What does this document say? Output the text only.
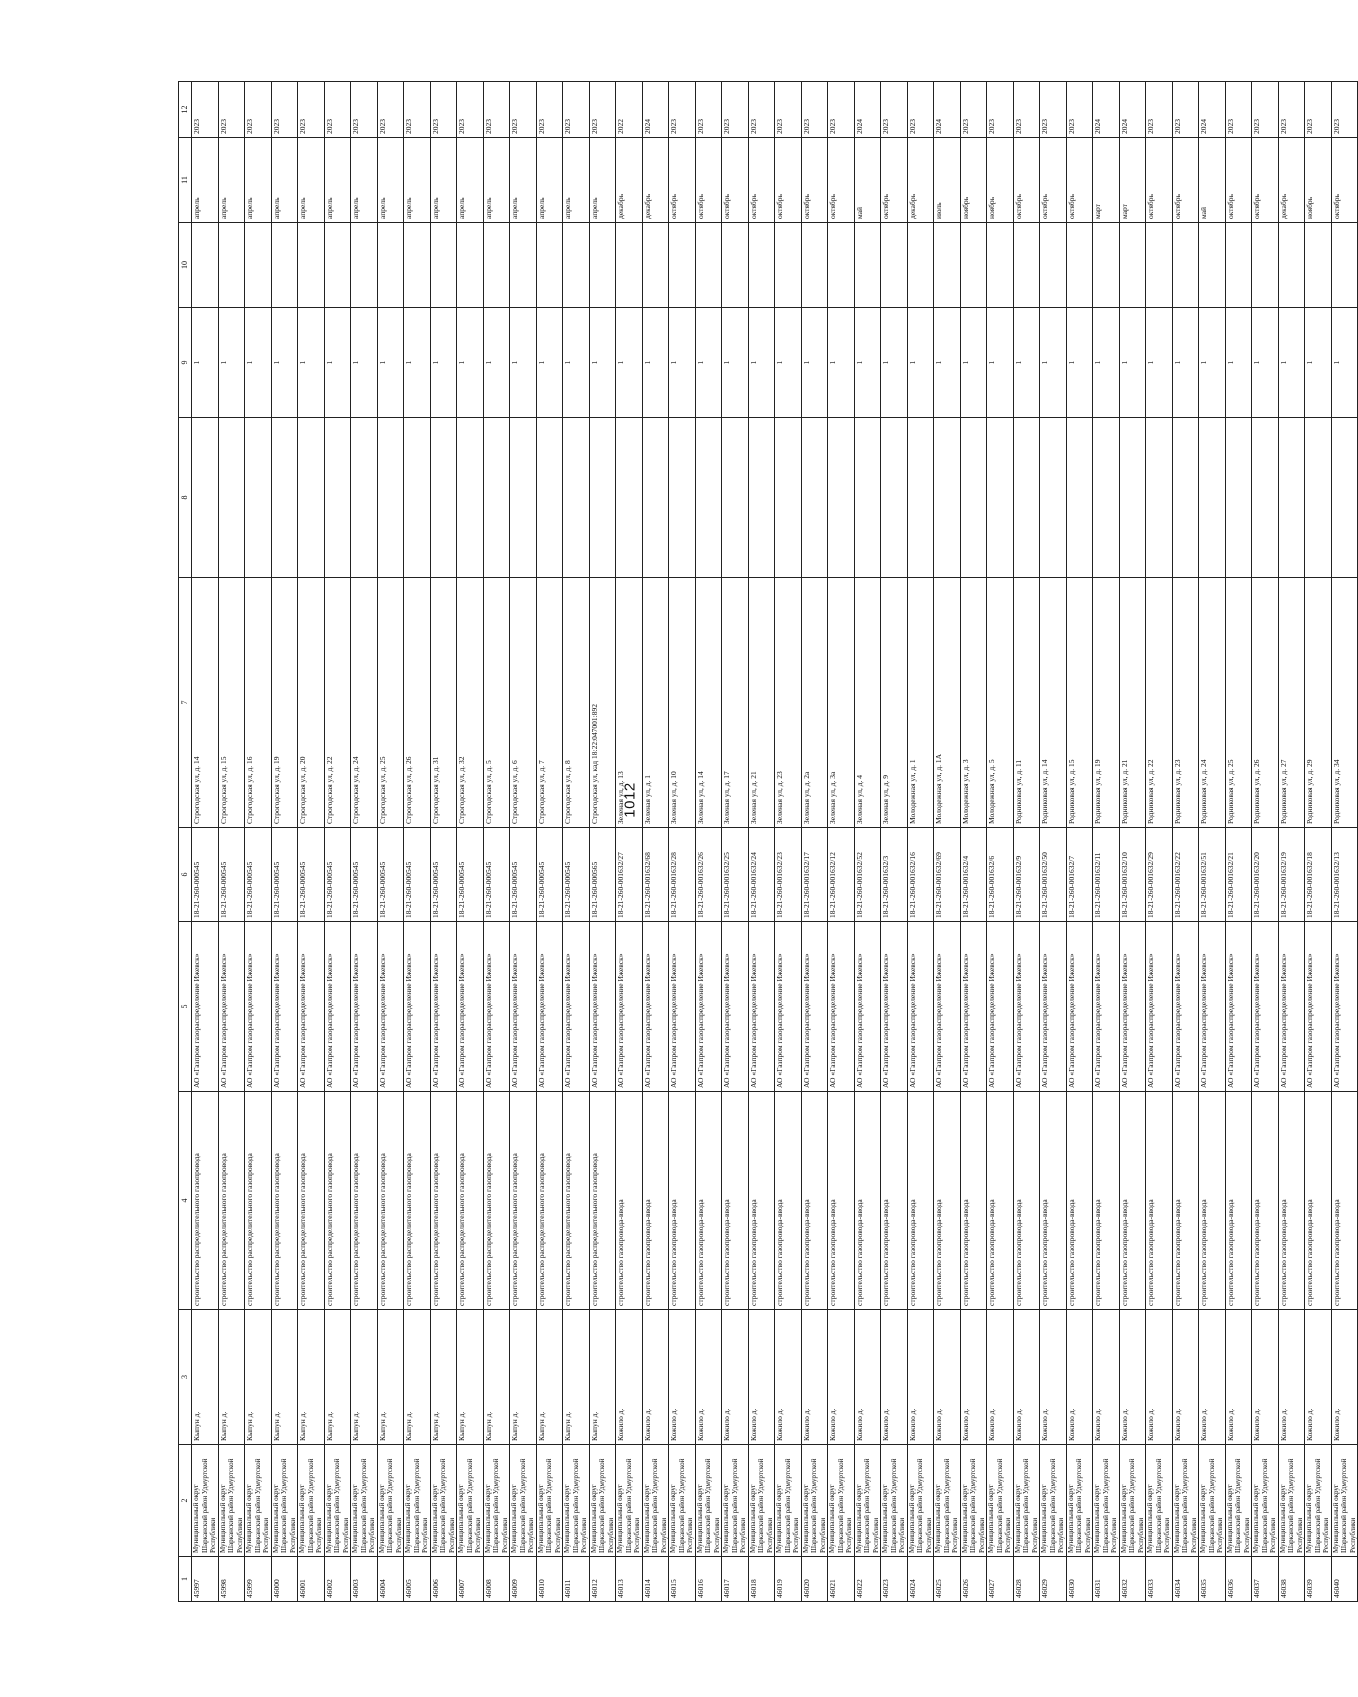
1012
1	2	3	4	5	6	7	8	9	10	11	12
45997	Муниципальный округ Шарканский район Удмуртской Республики	Кыпун д.	строительство распределительного газопровода	АО «Газпром газораспределение Ижевск»	18-21-260-000545	Строгодская ул, д. 14		1		апрель	2023
45998	Муниципальный округ Шарканский район Удмуртской Республики	Кыпун д.	строительство распределительного газопровода	АО «Газпром газораспределение Ижевск»	18-21-260-000545	Строгодская ул, д. 15		1		апрель	2023
45999	Муниципальный округ Шарканский район Удмуртской Республики	Кыпун д.	строительство распределительного газопровода	АО «Газпром газораспределение Ижевск»	18-21-260-000545	Строгодская ул, д. 16		1		апрель	2023
46000	Муниципальный округ Шарканский район Удмуртской Республики	Кыпун д.	строительство распределительного газопровода	АО «Газпром газораспределение Ижевск»	18-21-260-000545	Строгодская ул, д. 19		1		апрель	2023
46001	Муниципальный округ Шарканский район Удмуртской Республики	Кыпун д.	строительство распределительного газопровода	АО «Газпром газораспределение Ижевск»	18-21-260-000545	Строгодская ул, д. 20		1		апрель	2023
46002	Муниципальный округ Шарканский район Удмуртской Республики	Кыпун д.	строительство распределительного газопровода	АО «Газпром газораспределение Ижевск»	18-21-260-000545	Строгодская ул, д. 22		1		апрель	2023
46003	Муниципальный округ Шарканский район Удмуртской Республики	Кыпун д.	строительство распределительного газопровода	АО «Газпром газораспределение Ижевск»	18-21-260-000545	Строгодская ул, д. 24		1		апрель	2023
46004	Муниципальный округ Шарканский район Удмуртской Республики	Кыпун д.	строительство распределительного газопровода	АО «Газпром газораспределение Ижевск»	18-21-260-000545	Строгодская ул, д. 25		1		апрель	2023
46005	Муниципальный округ Шарканский район Удмуртской Республики	Кыпун д.	строительство распределительного газопровода	АО «Газпром газораспределение Ижевск»	18-21-260-000545	Строгодская ул, д. 26		1		апрель	2023
46006	Муниципальный округ Шарканский район Удмуртской Республики	Кыпун д.	строительство распределительного газопровода	АО «Газпром газораспределение Ижевск»	18-21-260-000545	Строгодская ул, д. 31		1		апрель	2023
46007	Муниципальный округ Шарканский район Удмуртской Республики	Кыпун д.	строительство распределительного газопровода	АО «Газпром газораспределение Ижевск»	18-21-260-000545	Строгодская ул, д. 32		1		апрель	2023
46008	Муниципальный округ Шарканский район Удмуртской Республики	Кыпун д.	строительство распределительного газопровода	АО «Газпром газораспределение Ижевск»	18-21-260-000545	Строгодская ул, д. 5		1		апрель	2023
46009	Муниципальный округ Шарканский район Удмуртской Республики	Кыпун д.	строительство распределительного газопровода	АО «Газпром газораспределение Ижевск»	18-21-260-000545	Строгодская ул, д. 6		1		апрель	2023
46010	Муниципальный округ Шарканский район Удмуртской Республики	Кыпун д.	строительство распределительного газопровода	АО «Газпром газораспределение Ижевск»	18-21-260-000545	Строгодская ул, д. 7		1		апрель	2023
46011	Муниципальный округ Шарканский район Удмуртской Республики	Кыпун д.	строительство распределительного газопровода	АО «Газпром газораспределение Ижевск»	18-21-260-000545	Строгодская ул, д. 8		1		апрель	2023
46012	Муниципальный округ Шарканский район Удмуртской Республики	Кыпун д.	строительство распределительного газопровода	АО «Газпром газораспределение Ижевск»	18-21-260-000565	Строгодская ул, кад 18:22:047001:892		1		апрель	2023
46013	Муниципальный округ Шарканский район Удмуртской Республики	Кожило д.	строительство газопровода-ввода	АО «Газпром газораспределение Ижевск»	18-21-260-001632/27	Зеленая ул, д. 13		1		декабрь	2022
46014	Муниципальный округ Шарканский район Удмуртской Республики	Кожило д.	строительство газопровода-ввода	АО «Газпром газораспределение Ижевск»	18-21-260-001632/68	Зеленая ул, д. 1		1		декабрь	2024
46015	Муниципальный округ Шарканский район Удмуртской Республики	Кожило д.	строительство газопровода-ввода	АО «Газпром газораспределение Ижевск»	18-21-260-001632/28	Зеленая ул, д. 10		1		октябрь	2023
46016	Муниципальный округ Шарканский район Удмуртской Республики	Кожило д.	строительство газопровода-ввода	АО «Газпром газораспределение Ижевск»	18-21-260-001632/26	Зеленая ул, д. 14		1		октябрь	2023
46017	Муниципальный округ Шарканский район Удмуртской Республики	Кожило д.	строительство газопровода-ввода	АО «Газпром газораспределение Ижевск»	18-21-260-001632/25	Зеленая ул, д. 17		1		октябрь	2023
46018	Муниципальный округ Шарканский район Удмуртской Республики	Кожило д.	строительство газопровода-ввода	АО «Газпром газораспределение Ижевск»	18-21-260-001632/24	Зеленая ул, д. 21		1		октябрь	2023
46019	Муниципальный округ Шарканский район Удмуртской Республики	Кожило д.	строительство газопровода-ввода	АО «Газпром газораспределение Ижевск»	18-21-260-001632/23	Зеленая ул, д. 23		1		октябрь	2023
46020	Муниципальный округ Шарканский район Удмуртской Республики	Кожило д.	строительство газопровода-ввода	АО «Газпром газораспределение Ижевск»	18-21-260-001632/17	Зеленая ул, д. 2а		1		октябрь	2023
46021	Муниципальный округ Шарканский район Удмуртской Республики	Кожило д.	строительство газопровода-ввода	АО «Газпром газораспределение Ижевск»	18-21-260-001632/12	Зеленая ул, д. 3а		1		октябрь	2023
46022	Муниципальный округ Шарканский район Удмуртской Республики	Кожило д.	строительство газопровода-ввода	АО «Газпром газораспределение Ижевск»	18-21-260-001632/52	Зеленая ул, д. 4		1		май	2024
46023	Муниципальный округ Шарканский район Удмуртской Республики	Кожило д.	строительство газопровода-ввода	АО «Газпром газораспределение Ижевск»	18-21-260-001632/3	Зеленая ул, д. 9		1		октябрь	2023
46024	Муниципальный округ Шарканский район Удмуртской Республики	Кожило д.	строительство газопровода-ввода	АО «Газпром газораспределение Ижевск»	18-21-260-001632/16	Молодежная ул, д. 1		1		декабрь	2023
46025	Муниципальный округ Шарканский район Удмуртской Республики	Кожило д.	строительство газопровода-ввода	АО «Газпром газораспределение Ижевск»	18-21-260-001632/69	Молодежная ул, д. 1А		1		июль	2024
46026	Муниципальный округ Шарканский район Удмуртской Республики	Кожило д.	строительство газопровода-ввода	АО «Газпром газораспределение Ижевск»	18-21-260-001632/4	Молодежная ул, д. 3		1		ноябрь	2023
46027	Муниципальный округ Шарканский район Удмуртской Республики	Кожило д.	строительство газопровода-ввода	АО «Газпром газораспределение Ижевск»	18-21-260-001632/6	Молодежная ул, д. 5		1		ноябрь	2023
46028	Муниципальный округ Шарканский район Удмуртской Республики	Кожило д.	строительство газопровода-ввода	АО «Газпром газораспределение Ижевск»	18-21-260-001632/9	Родниковая ул, д. 11		1		октябрь	2023
46029	Муниципальный округ Шарканский район Удмуртской Республики	Кожило д.	строительство газопровода-ввода	АО «Газпром газораспределение Ижевск»	18-21-260-001632/50	Родниковая ул, д. 14		1		октябрь	2023
46030	Муниципальный округ Шарканский район Удмуртской Республики	Кожило д.	строительство газопровода-ввода	АО «Газпром газораспределение Ижевск»	18-21-260-001632/7	Родниковая ул, д. 15		1		октябрь	2023
46031	Муниципальный округ Шарканский район Удмуртской Республики	Кожило д.	строительство газопровода-ввода	АО «Газпром газораспределение Ижевск»	18-21-260-001632/11	Родниковая ул, д. 19		1		март	2024
46032	Муниципальный округ Шарканский район Удмуртской Республики	Кожило д.	строительство газопровода-ввода	АО «Газпром газораспределение Ижевск»	18-21-260-001632/10	Родниковая ул, д. 21		1		март	2024
46033	Муниципальный округ Шарканский район Удмуртской Республики	Кожило д.	строительство газопровода-ввода	АО «Газпром газораспределение Ижевск»	18-21-260-001632/29	Родниковая ул, д. 22		1		октябрь	2023
46034	Муниципальный округ Шарканский район Удмуртской Республики	Кожило д.	строительство газопровода-ввода	АО «Газпром газораспределение Ижевск»	18-21-260-001632/22	Родниковая ул, д. 23		1		октябрь	2023
46035	Муниципальный округ Шарканский район Удмуртской Республики	Кожило д.	строительство газопровода-ввода	АО «Газпром газораспределение Ижевск»	18-21-260-001632/51	Родниковая ул, д. 24		1		май	2024
46036	Муниципальный округ Шарканский район Удмуртской Республики	Кожило д.	строительство газопровода-ввода	АО «Газпром газораспределение Ижевск»	18-21-260-001632/21	Родниковая ул, д. 25		1		октябрь	2023
46037	Муниципальный округ Шарканский район Удмуртской Республики	Кожило д.	строительство газопровода-ввода	АО «Газпром газораспределение Ижевск»	18-21-260-001632/20	Родниковая ул, д. 26		1		октябрь	2023
46038	Муниципальный округ Шарканский район Удмуртской Республики	Кожило д.	строительство газопровода-ввода	АО «Газпром газораспределение Ижевск»	18-21-260-001632/19	Родниковая ул, д. 27		1		декабрь	2023
46039	Муниципальный округ Шарканский район Удмуртской Республики	Кожило д.	строительство газопровода-ввода	АО «Газпром газораспределение Ижевск»	18-21-260-001632/18	Родниковая ул, д. 29		1		ноябрь	2023
46040	Муниципальный округ Шарканский район Удмуртской Республики	Кожило д.	строительство газопровода-ввода	АО «Газпром газораспределение Ижевск»	18-21-260-001632/13	Родниковая ул, д. 34		1		октябрь	2023
